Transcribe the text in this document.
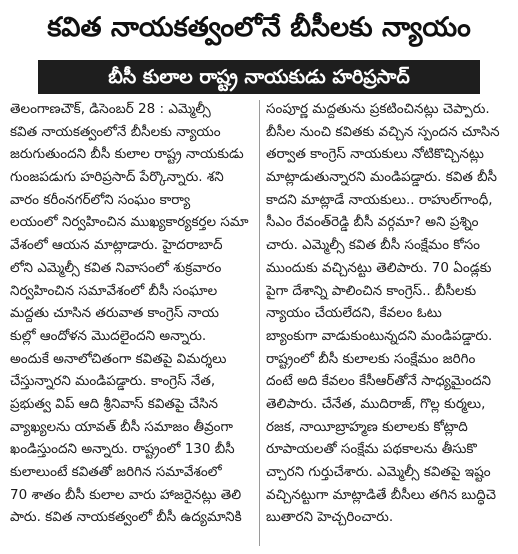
కవిత నాయకత్వంలోనే బీసీలకు న్యాయం
బీసీ కులాల రాష్ట్ర నాయకుడు హరిప్రసాద్
తెలంగాణచౌక్, డిసెంబర్ 28 : ఎమ్మెల్సీ
కవిత నాయకత్వంలోనే బీసీలకు న్యాయం
జరుగుతుందని బీసీ కులాల రాష్ట్ర నాయకుడు
గుంజపడుగు హరిప్రసాద్ పేర్కొన్నారు. శని
వారం కరీంనగర్‌లోని సంఘం కార్యా
లయంలో నిర్వహించిన ముఖ్యకార్యకర్తల సమా
వేశంలో ఆయన మాట్లాడారు. హైదరాబాద్
లోని ఎమ్మెల్సీ కవిత నివాసంలో శుక్రవారం
నిర్వహించిన సమావేశంలో బీసీ సంఘాల
మద్దతు చూసిన తరువాత కాంగ్రెస్ నాయ
కుల్లో ఆందోళన మొదలైందని అన్నారు.
అందుకే అనాలోచితంగా కవితపై విమర్శలు
చేస్తున్నారని మండిపడ్డారు. కాంగ్రెస్ నేత,
ప్రభుత్వ విప్ ఆది శ్రీనివాస్ కవితపై చేసిన
వ్యాఖ్యలను యావత్ బీసీ సమాజం తీవ్రంగా
ఖండిస్తుందని అన్నారు. రాష్ట్రంలో 130 బీసీ
కులాలుంటే కవితతో జరిగిన సమావేశంలో
70 శాతం బీసీ కులాల వారు హాజరైనట్లు తెలి
పారు. కవిత నాయకత్వంలో బీసీ ఉద్యమానికి
సంపూర్ణ మద్దతును ప్రకటించినట్లు చెప్పారు.
బీసీల నుంచి కవితకు వచ్చిన స్పందన చూసిన
తర్వాత కాంగ్రెస్ నాయకులు నోటికొచ్చినట్లు
మాట్లాడుతున్నారని మండిపడ్డారు. కవిత బీసీ
కాదని మాట్లాడే నాయకులు.. రాహుల్‌గాంధీ,
సీఎం రేవంత్‌రెడ్డి బీసీ వర్గమా? అని ప్రశ్నిం
చారు. ఎమ్మెల్సీ కవిత బీసీ సంక్షేమం కోసం
ముందుకు వచ్చినట్టు తెలిపారు. 70 ఏండ్లకు
పైగా దేశాన్ని పాలించిన కాంగ్రెస్.. బీసీలకు
న్యాయం చేయలేదని, కేవలం ఓటు
బ్యాంకుగా వాడుకుంటున్నదని మండిపడ్డారు.
రాష్ట్రంలో బీసీ కులాలకు సంక్షేమం జరిగిం
దంటే అది కేవలం కేసీఆర్‌తోనే సాధ్యమైందని
తెలిపారు. చేనేత, ముదిరాజ్, గొల్ల కుర్మలు,
రజక, నాయీబ్రాహ్మణ కులాలకు కోట్లాది
రూపాయలతో సంక్షేమ పథకాలను తీసుకొ
చ్చారని గుర్తుచేశారు. ఎమ్మెల్సీ కవితపై ఇష్టం
వచ్చినట్టుగా మాట్లాడితే బీసీలు తగిన బుద్ధిచె
బుతారని హెచ్చరించారు.
